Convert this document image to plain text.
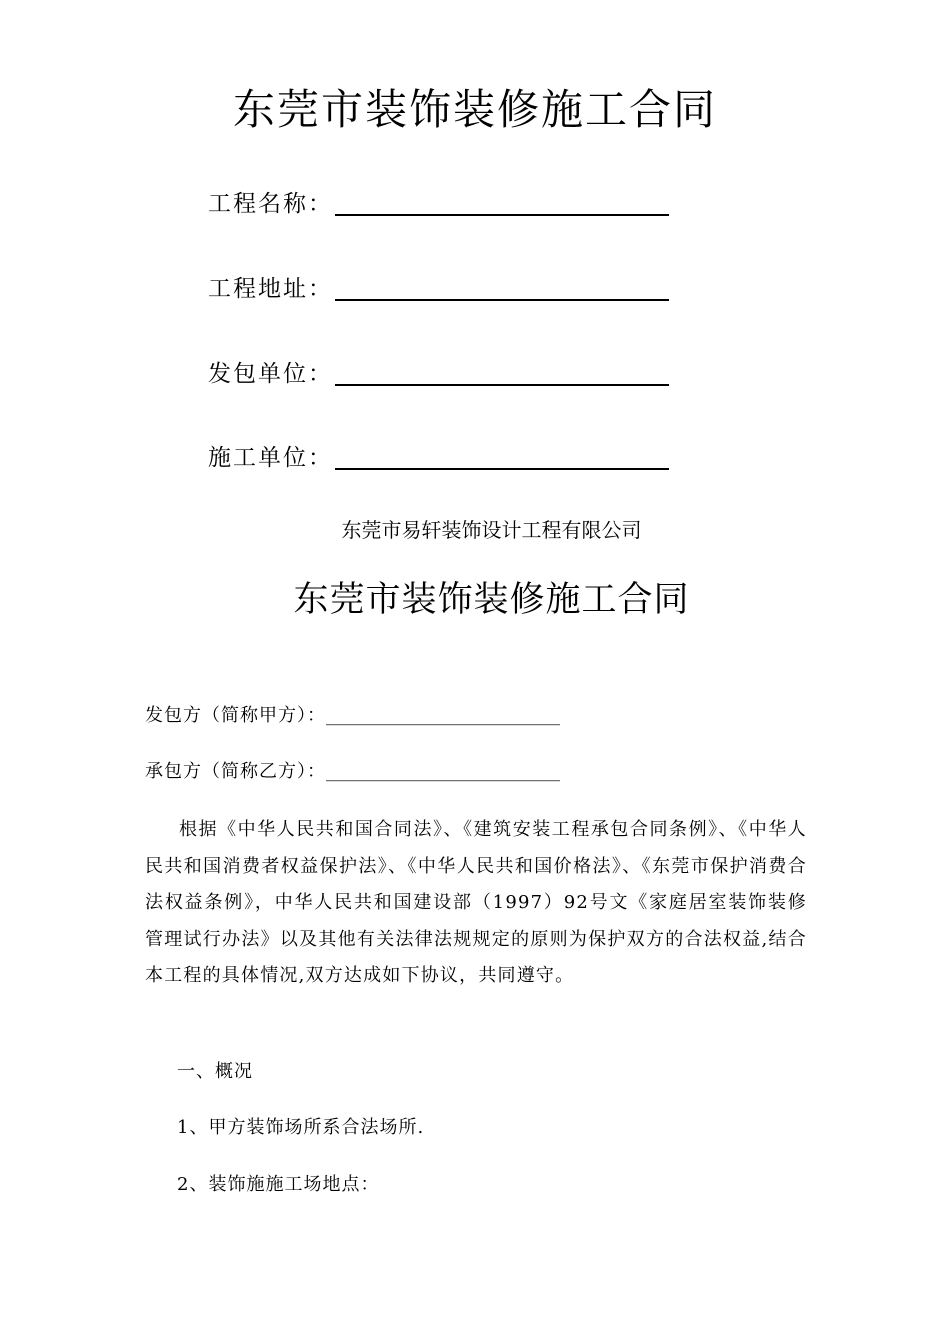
东莞市装饰装修施工合同
工程名称：
工程地址：
发包单位：
施工单位：
东莞市易轩装饰设计工程有限公司
东莞市装饰装修施工合同
发包方（简称甲方）：__________________________
承包方（简称乙方）：__________________________

根据《中华人民共和国合同法》、《建筑安装工程承包合同条例》、《中华人民共和国消费者权益保护法》、《中华人民共和国价格法》、《东莞市保护消费合法权益条例》，中华人民共和国建设部（1997）92号文《家庭居室装饰装修管理试行办法》以及其他有关法律法规规定的原则为保护双方的合法权益,结合本工程的具体情况,双方达成如下协议，共同遵守。

一、概况
1、甲方装饰场所系合法场所.
2、装饰施施工场地点：
